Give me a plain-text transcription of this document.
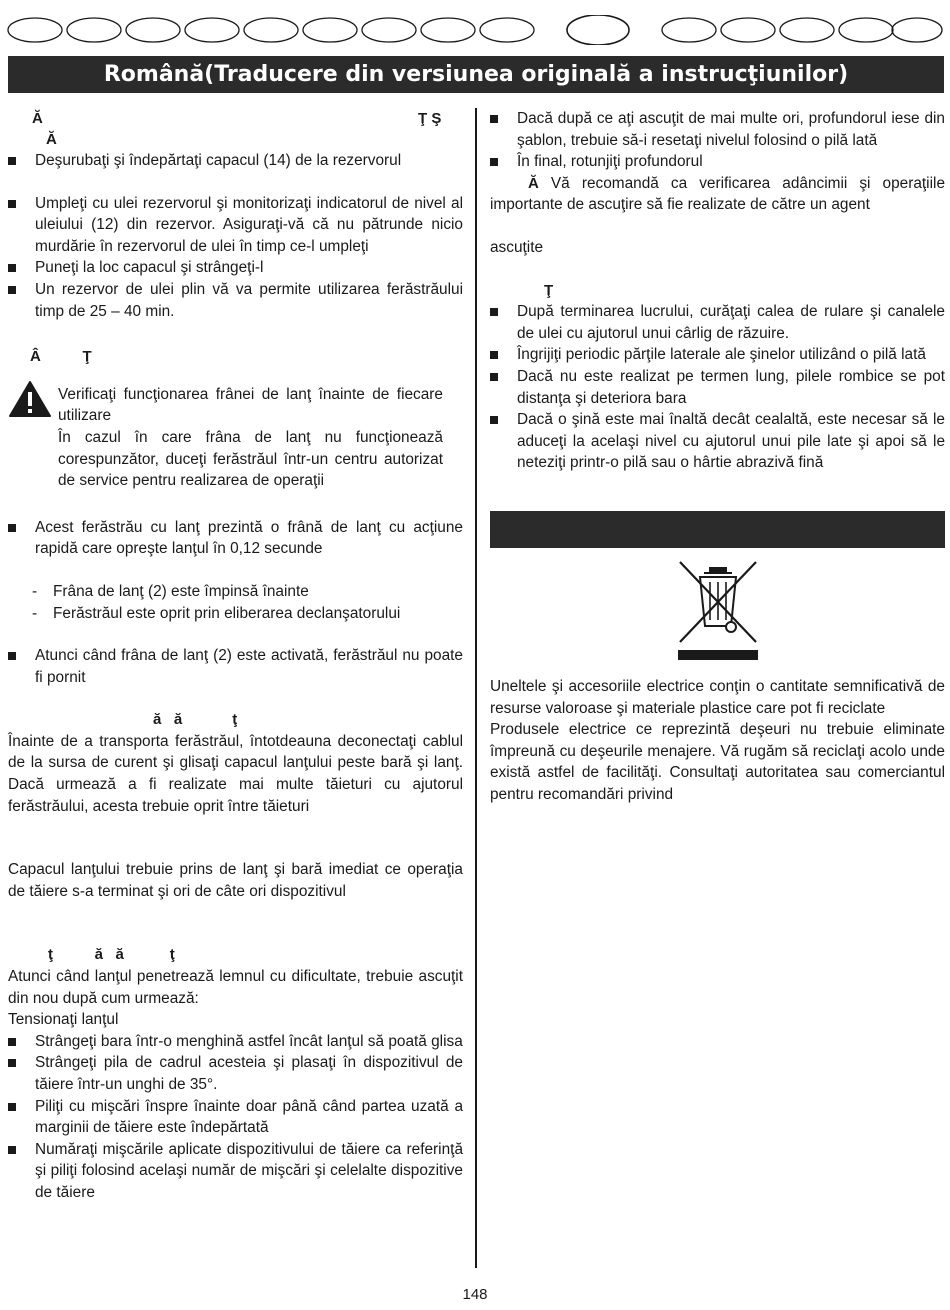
Română(Traducere din versiunea originală a instrucţiunilor)
Ă	Ţ Ş
Ă

Deşurubaţi şi îndepărtaţi capacul (14) de la rezervorul

Umpleţi cu ulei rezervorul şi monitorizaţi indicatorul de nivel al uleiului (12) din rezervor. Asiguraţi-vă că nu pătrunde nicio murdărie în rezervorul de ulei în timp ce-l umpleţi

Puneţi la loc capacul şi strângeţi-l

Un rezervor de ulei plin vă va permite utilizarea ferăstrăului timp de 25 – 40 min.

Â          Ţ

Verificaţi funcţionarea frânei de lanţ înainte de fiecare utilizare

În cazul în care frâna de lanţ nu funcţionează corespunzător, duceţi ferăstrăul într-un centru autorizat de service pentru realizarea de operaţii

Acest ferăstrău cu lanţ prezintă o frână de lanţ cu acţiune rapidă care opreşte lanţul în 0,12 secunde

- Frâna de lanţ (2) este împinsă înainte

- Ferăstrăul este oprit prin eliberarea declanşatorului

Atunci când frâna de lanţ (2) este activată, ferăstrăul nu poate fi pornit

ă   ă            ţ

Înainte de a transporta ferăstrăul, întotdeauna deconectaţi cablul de la sursa de curent şi glisaţi capacul lanţului peste bară şi lanţ. Dacă urmează a fi realizate mai multe tăieturi cu ajutorul ferăstrăului, acesta trebuie oprit între tăieturi

Capacul lanţului trebuie prins de lanţ şi bară imediat ce operaţia de tăiere s-a terminat şi ori de câte ori dispozitivul

ţ          ă   ă           ţ

Atunci când lanţul penetrează lemnul cu dificultate, trebuie ascuţit din nou după cum urmează:

Tensionaţi lanţul

Strângeţi bara într-o menghină astfel încât lanţul să poată glisa

Strângeţi pila de cadrul acesteia şi plasaţi în dispozitivul de tăiere într-un unghi de 35°.

Piliţi cu mişcări înspre înainte doar până când partea uzată a marginii de tăiere este îndepărtată

Număraţi mişcările aplicate dispozitivului de tăiere ca referinţă şi piliţi folosind acelaşi număr de mişcări şi celelalte dispozitive de tăiere

Dacă după ce aţi ascuţit de mai multe ori, profundorul iese din şablon, trebuie să-i resetaţi nivelul folosind o pilă lată

În final, rotunjiţi profundorul

Ă Vă recomandă ca verificarea adâncimii şi operaţiile importante de ascuţire să fie realizate de către un agent

ascuţite

Ţ

După terminarea lucrului, curăţaţi calea de rulare şi canalele de ulei cu ajutorul unui cârlig de răzuire.

Îngrijiţi periodic părţile laterale ale şinelor utilizând o pilă lată

Dacă nu este realizat pe termen lung, pilele rombice se pot distanţa şi deteriora bara

Dacă o şină este mai înaltă decât cealaltă, este necesar să le aduceţi la acelaşi nivel cu ajutorul unui pile late şi apoi să le neteziţi printr-o pilă sau o hârtie abrazivă fină

Uneltele şi accesoriile electrice conţin o cantitate semnificativă de resurse valoroase şi materiale plastice care pot fi reciclate

Produsele electrice ce reprezintă deşeuri nu trebuie eliminate împreună cu deşeurile menajere. Vă rugăm să reciclaţi acolo unde există astfel de facilităţi. Consultaţi autoritatea sau comerciantul pentru recomandări privind

148
